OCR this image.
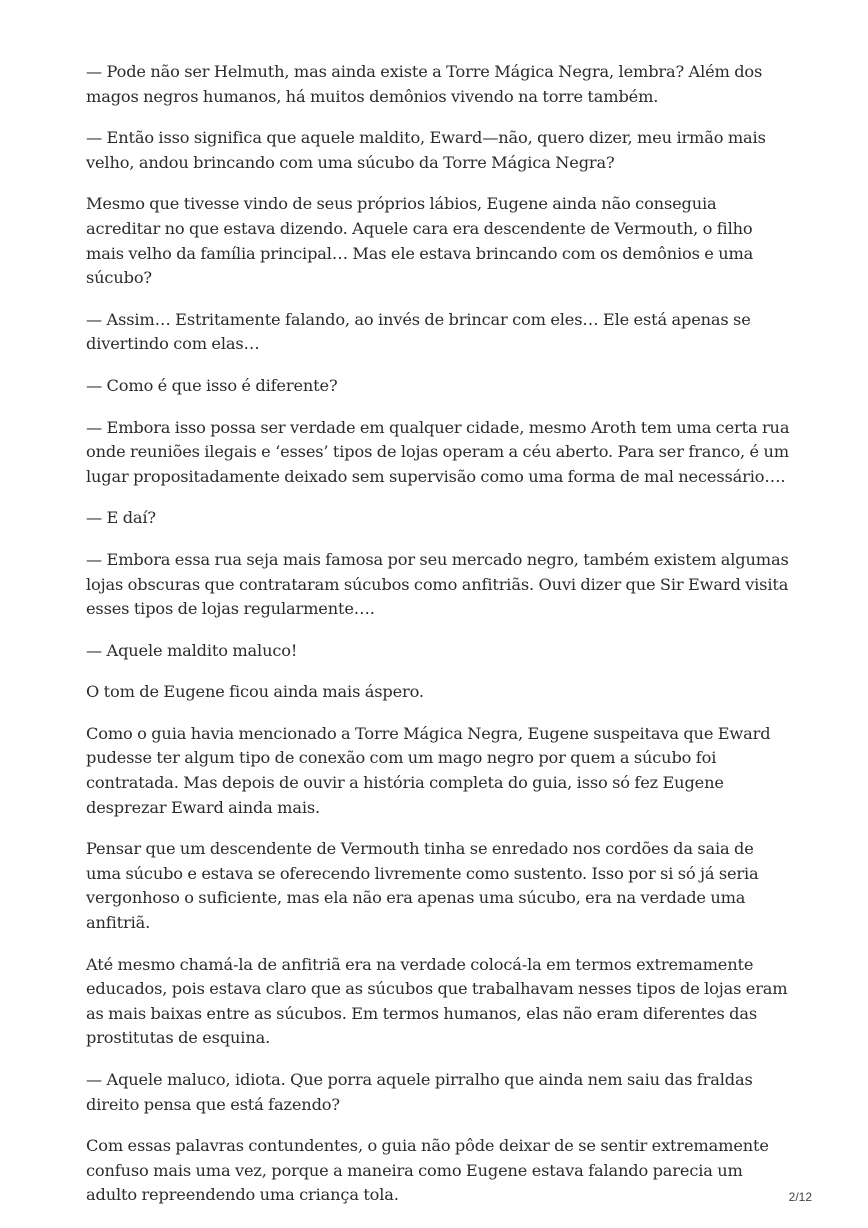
— Pode não ser Helmuth, mas ainda existe a Torre Mágica Negra, lembra? Além dos magos negros humanos, há muitos demônios vivendo na torre também.

— Então isso significa que aquele maldito, Eward—não, quero dizer, meu irmão mais velho, andou brincando com uma súcubo da Torre Mágica Negra?

Mesmo que tivesse vindo de seus próprios lábios, Eugene ainda não conseguia acreditar no que estava dizendo. Aquele cara era descendente de Vermouth, o filho mais velho da família principal… Mas ele estava brincando com os demônios e uma súcubo?

— Assim… Estritamente falando, ao invés de brincar com eles… Ele está apenas se divertindo com elas…

— Como é que isso é diferente?

— Embora isso possa ser verdade em qualquer cidade, mesmo Aroth tem uma certa rua onde reuniões ilegais e ‘esses’ tipos de lojas operam a céu aberto. Para ser franco, é um lugar propositadamente deixado sem supervisão como uma forma de mal necessário….

— E daí?

— Embora essa rua seja mais famosa por seu mercado negro, também existem algumas lojas obscuras que contrataram súcubos como anfitriãs. Ouvi dizer que Sir Eward visita esses tipos de lojas regularmente….

— Aquele maldito maluco!

O tom de Eugene ficou ainda mais áspero.

Como o guia havia mencionado a Torre Mágica Negra, Eugene suspeitava que Eward pudesse ter algum tipo de conexão com um mago negro por quem a súcubo foi contratada. Mas depois de ouvir a história completa do guia, isso só fez Eugene desprezar Eward ainda mais.

Pensar que um descendente de Vermouth tinha se enredado nos cordões da saia de uma súcubo e estava se oferecendo livremente como sustento. Isso por si só já seria vergonhoso o suficiente, mas ela não era apenas uma súcubo, era na verdade uma anfitriã.

Até mesmo chamá-la de anfitriã era na verdade colocá-la em termos extremamente educados, pois estava claro que as súcubos que trabalhavam nesses tipos de lojas eram as mais baixas entre as súcubos. Em termos humanos, elas não eram diferentes das prostitutas de esquina.

— Aquele maluco, idiota. Que porra aquele pirralho que ainda nem saiu das fraldas direito pensa que está fazendo?

Com essas palavras contundentes, o guia não pôde deixar de se sentir extremamente confuso mais uma vez, porque a maneira como Eugene estava falando parecia um adulto repreendendo uma criança tola.	2/12
